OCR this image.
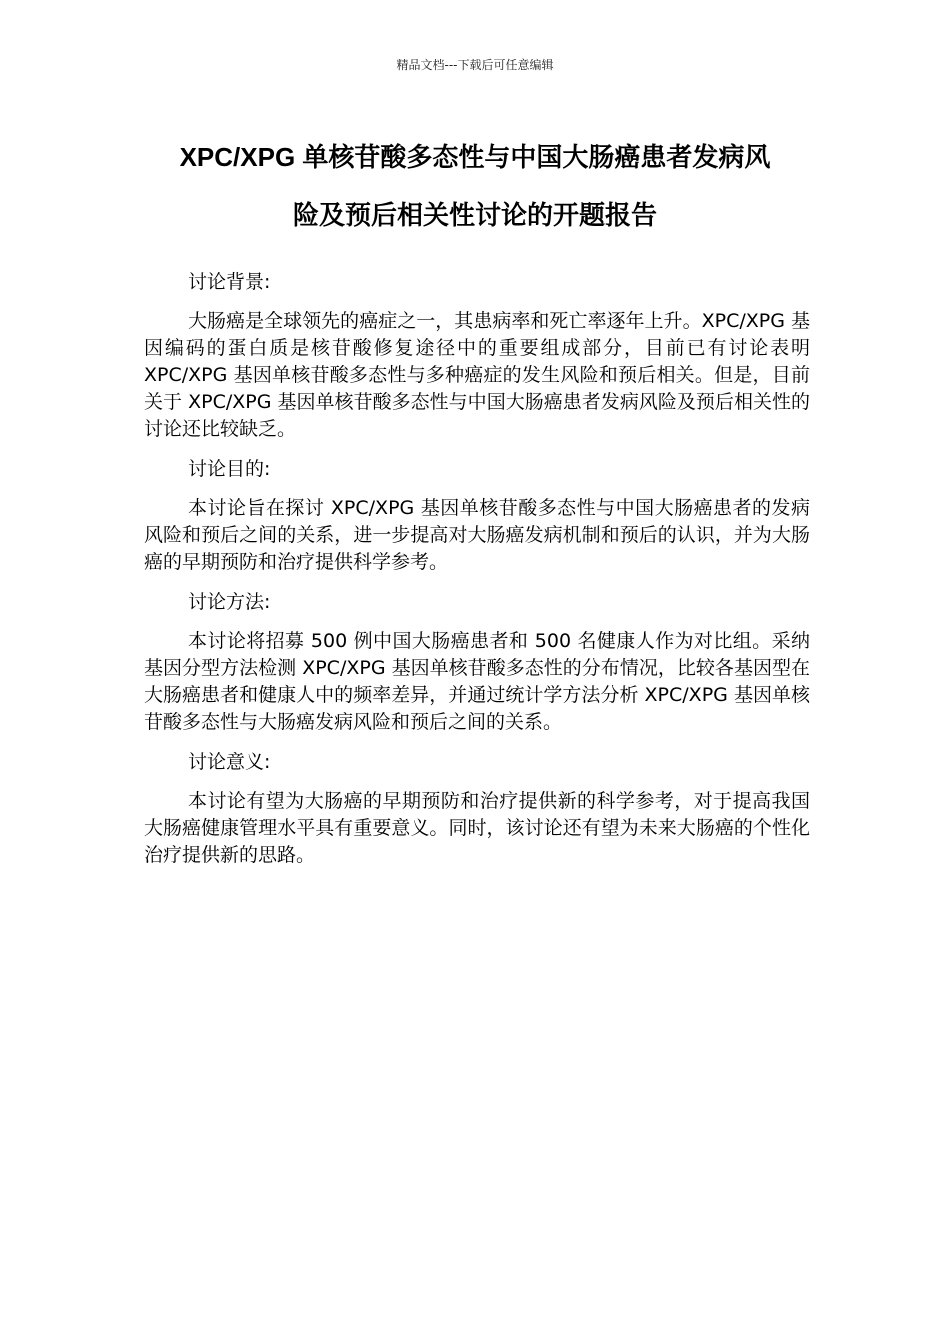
精品文档---下载后可任意编辑
XPC/XPG 单核苷酸多态性与中国大肠癌患者发病风
险及预后相关性讨论的开题报告

讨论背景:

大肠癌是全球领先的癌症之一，其患病率和死亡率逐年上升。XPC/XPG 基因编码的蛋白质是核苷酸修复途径中的重要组成部分，目前已有讨论表明 XPC/XPG 基因单核苷酸多态性与多种癌症的发生风险和预后相关。但是，目前关于 XPC/XPG 基因单核苷酸多态性与中国大肠癌患者发病风险及预后相关性的讨论还比较缺乏。

讨论目的:

本讨论旨在探讨 XPC/XPG 基因单核苷酸多态性与中国大肠癌患者的发病风险和预后之间的关系，进一步提高对大肠癌发病机制和预后的认识，并为大肠癌的早期预防和治疗提供科学参考。

讨论方法:

本讨论将招募 500 例中国大肠癌患者和 500 名健康人作为对比组。采纳基因分型方法检测 XPC/XPG 基因单核苷酸多态性的分布情况，比较各基因型在大肠癌患者和健康人中的频率差异，并通过统计学方法分析 XPC/XPG 基因单核苷酸多态性与大肠癌发病风险和预后之间的关系。

讨论意义:

本讨论有望为大肠癌的早期预防和治疗提供新的科学参考，对于提高我国大肠癌健康管理水平具有重要意义。同时，该讨论还有望为未来大肠癌的个性化治疗提供新的思路。
